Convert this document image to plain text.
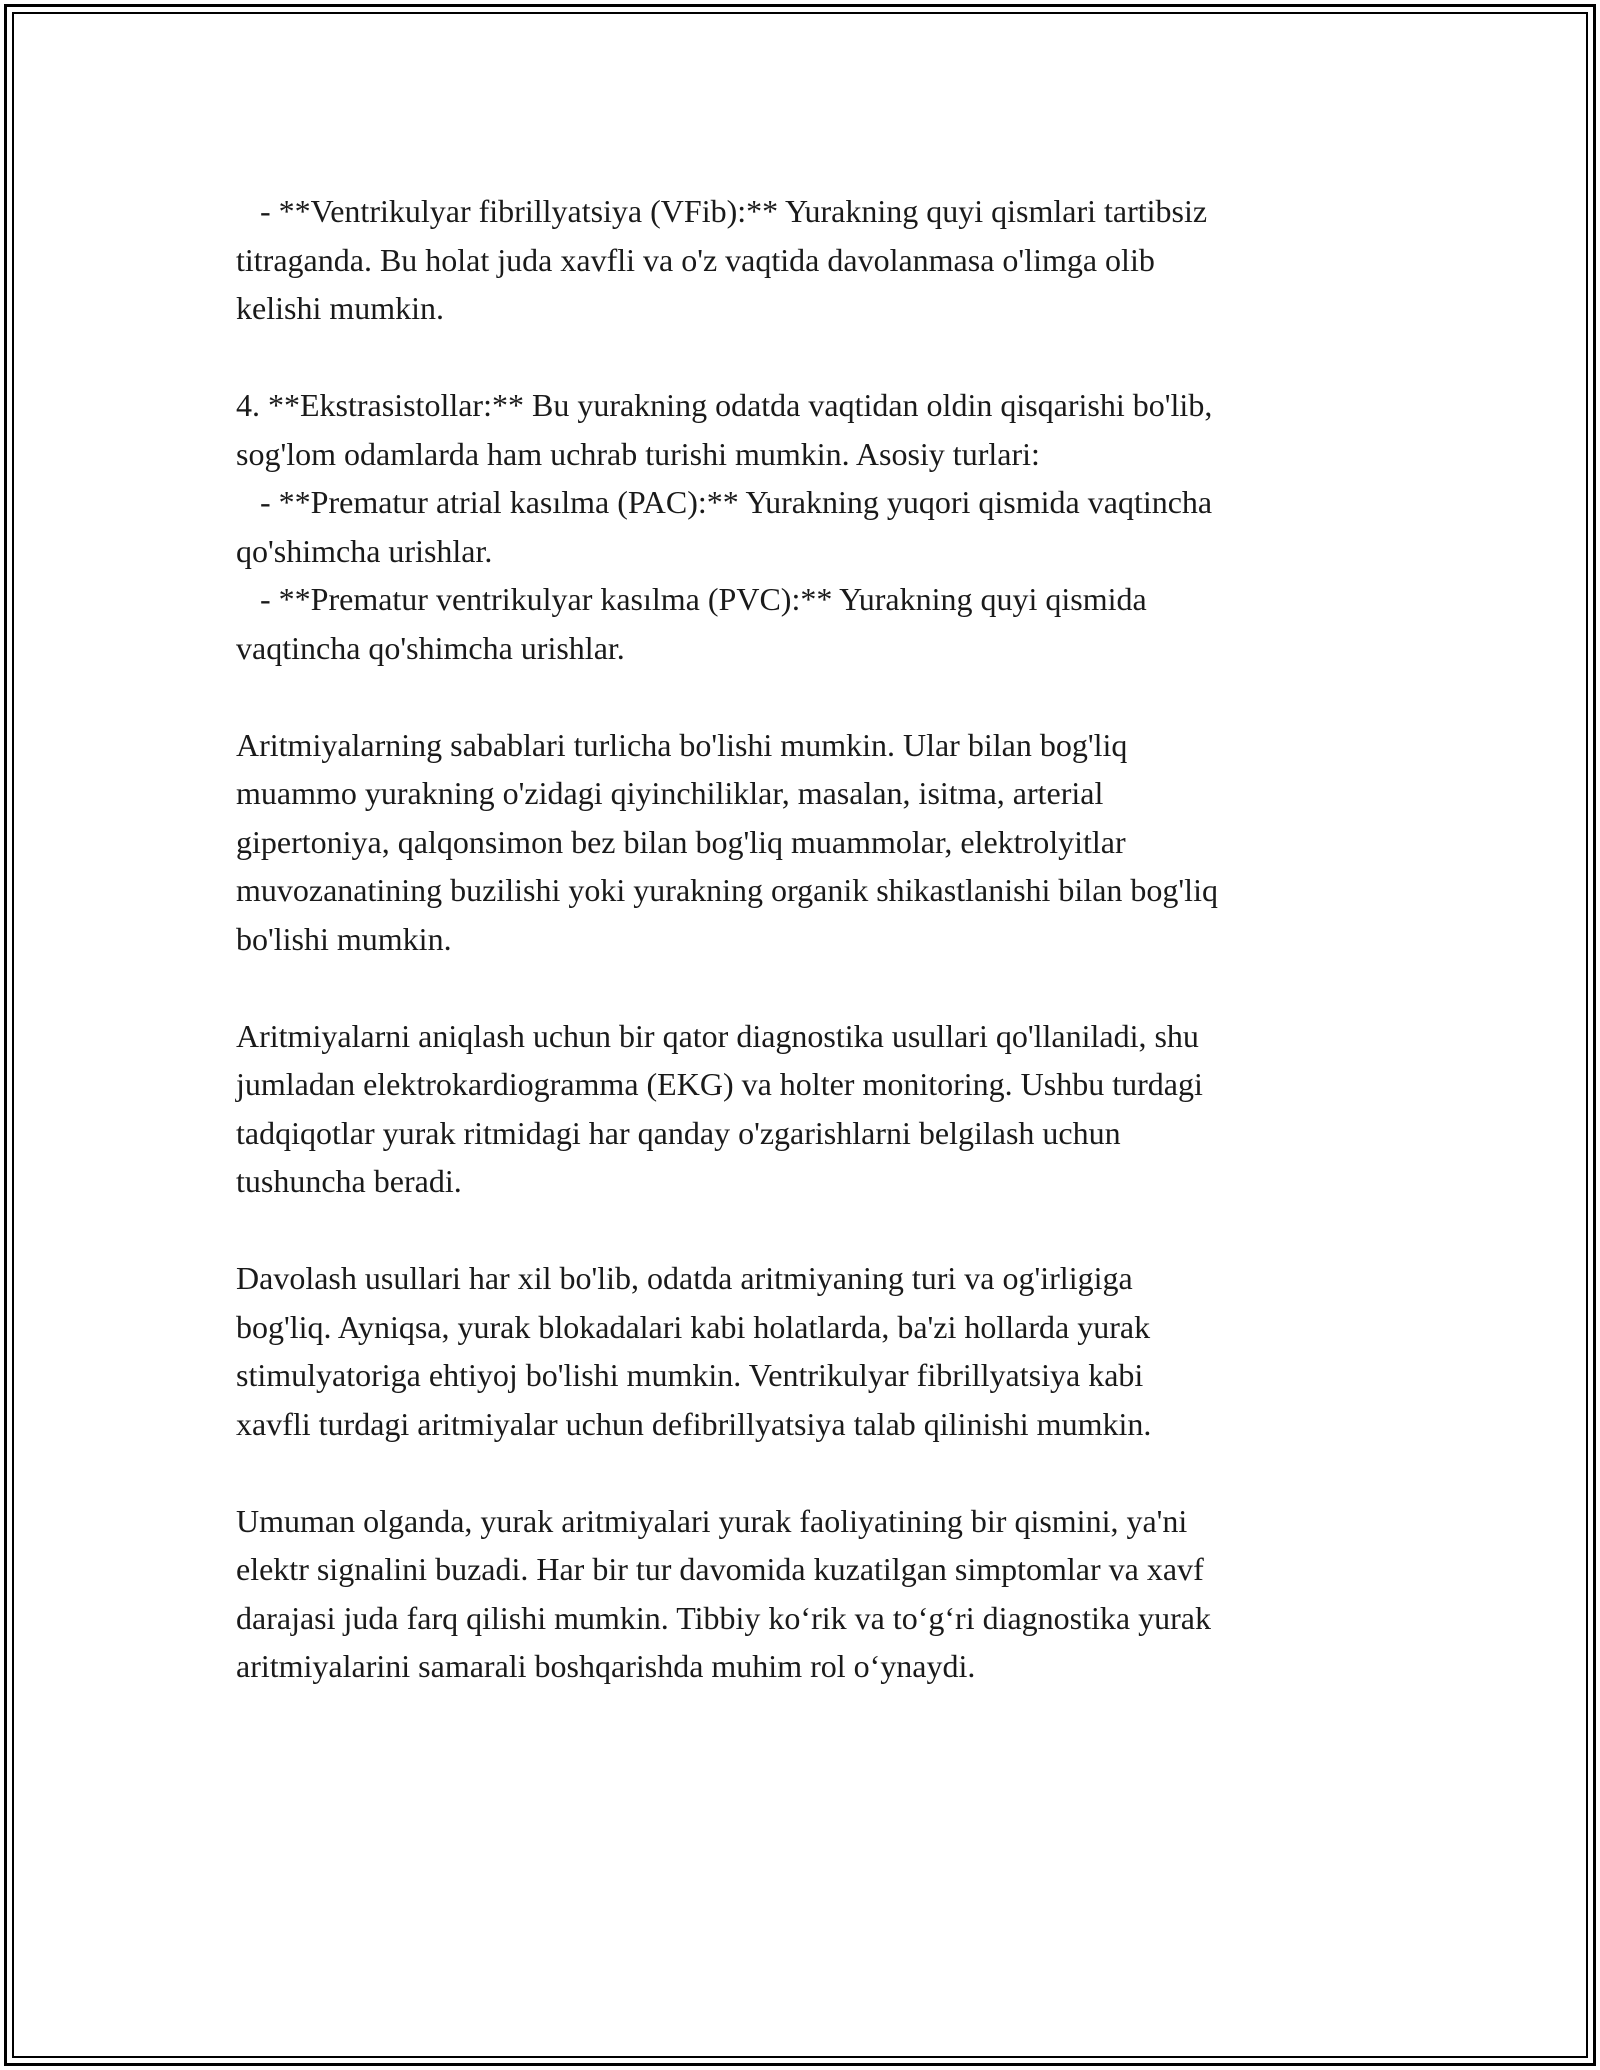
- **Ventrikulyar fibrillyatsiya (VFib):** Yurakning quyi qismlari tartibsiz
titraganda. Bu holat juda xavfli va o'z vaqtida davolanmasa o'limga olib
kelishi mumkin.

4. **Ekstrasistollar:** Bu yurakning odatda vaqtidan oldin qisqarishi bo'lib,
sog'lom odamlarda ham uchrab turishi mumkin. Asosiy turlari:
- **Prematur atrial kasılma (PAC):** Yurakning yuqori qismida vaqtincha
qo'shimcha urishlar.
- **Prematur ventrikulyar kasılma (PVC):** Yurakning quyi qismida
vaqtincha qo'shimcha urishlar.

Aritmiyalarning sabablari turlicha bo'lishi mumkin. Ular bilan bog'liq
muammo yurakning o'zidagi qiyinchiliklar, masalan, isitma, arterial
gipertoniya, qalqonsimon bez bilan bog'liq muammolar, elektrolyitlar
muvozanatining buzilishi yoki yurakning organik shikastlanishi bilan bog'liq
bo'lishi mumkin.

Aritmiyalarni aniqlash uchun bir qator diagnostika usullari qo'llaniladi, shu
jumladan elektrokardiogramma (EKG) va holter monitoring. Ushbu turdagi
tadqiqotlar yurak ritmidagi har qanday o'zgarishlarni belgilash uchun
tushuncha beradi.

Davolash usullari har xil bo'lib, odatda aritmiyaning turi va og'irligiga
bog'liq. Ayniqsa, yurak blokadalari kabi holatlarda, ba'zi hollarda yurak
stimulyatoriga ehtiyoj bo'lishi mumkin. Ventrikulyar fibrillyatsiya kabi
xavfli turdagi aritmiyalar uchun defibrillyatsiya talab qilinishi mumkin.

Umuman olganda, yurak aritmiyalari yurak faoliyatining bir qismini, ya'ni
elektr signalini buzadi. Har bir tur davomida kuzatilgan simptomlar va xavf
darajasi juda farq qilishi mumkin. Tibbiy ko‘rik va to‘g‘ri diagnostika yurak
aritmiyalarini samarali boshqarishda muhim rol o‘ynaydi.
